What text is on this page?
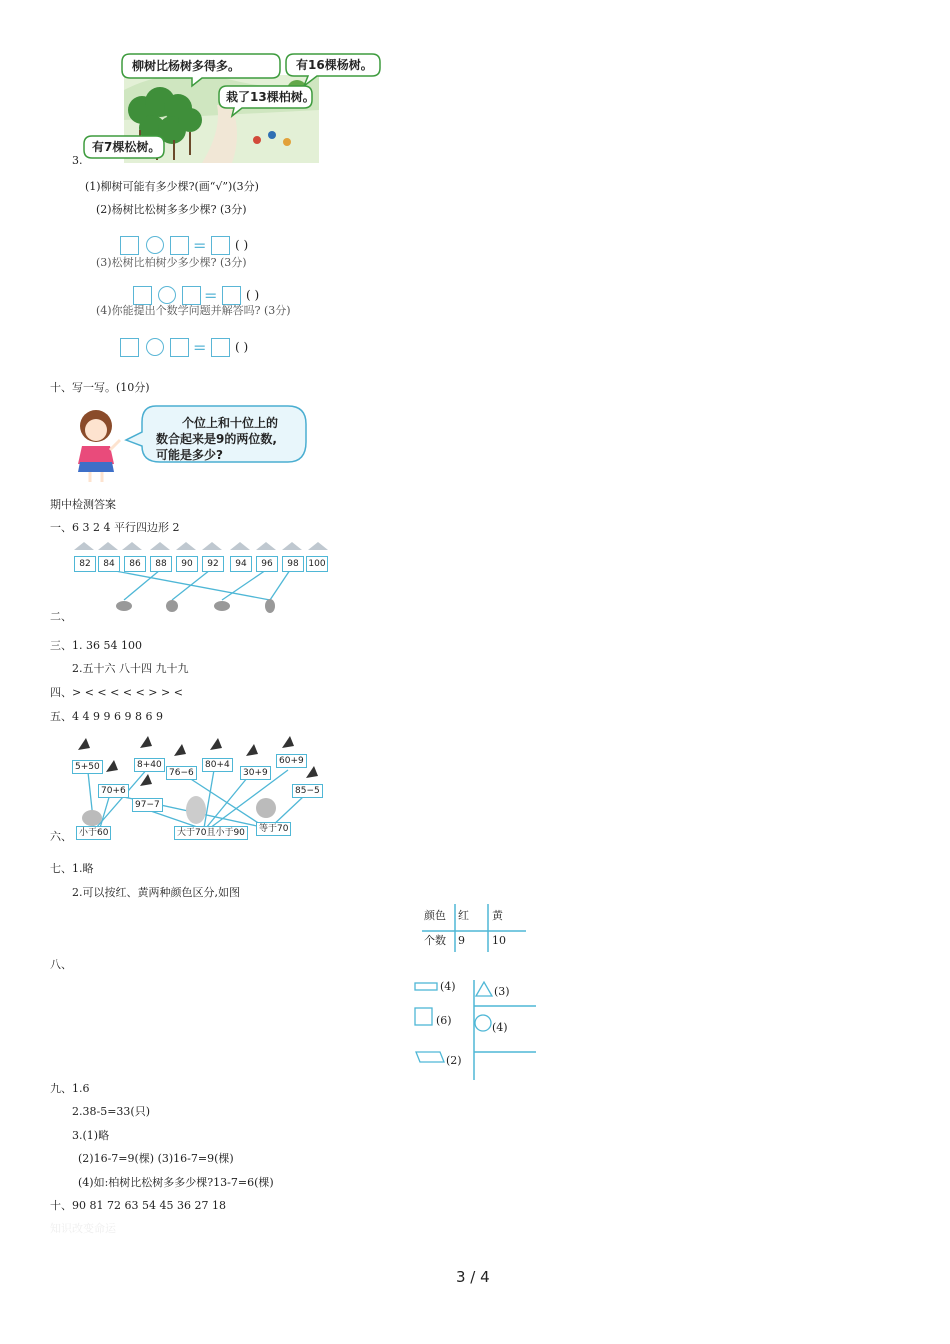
柳树比杨树多得多。	有16棵杨树。
栽了13棵柏树。
有7棵松树。
3.
(1)柳树可能有多少棵?(画“√”)(3分)
(2)杨树比松树多多少棵? (3分)
= ( )
(3)松树比柏树少多少棵? (3分)
= ( )
(4)你能提出个数学问题并解答吗? (3分)
= ( )
十、写一写。(10分)
个位上和十位上的
数合起来是9的两位数,
可能是多少?
期中检测答案
一、6 3 2 4 平行四边形 2
82	84	86	88	90	92	94	96	98	100
二、
三、1. 36 54 100
2.五十六 八十四 九十九
四、> < < < < < > > <
五、4 4 9 9 6 9 8 6 9
5+50	8+40
76−6
80+4
30+9
60+9
70+6
97−7
85−5
小于60	大于70且小于90	等于70
六、
七、1.略
2.可以按红、黄两种颜色区分,如图
颜色 红 黄
个数 9 10
八、
(4)	(3)
(6)
(4)
(2)
九、1.6
2.38-5=33(只)
3.(1)略
(2)16-7=9(棵) (3)16-7=9(棵)
(4)如:柏树比松树多多少棵?13-7=6(棵)
十、90 81 72 63 54 45 36 27 18
知识改变命运
3 / 4
